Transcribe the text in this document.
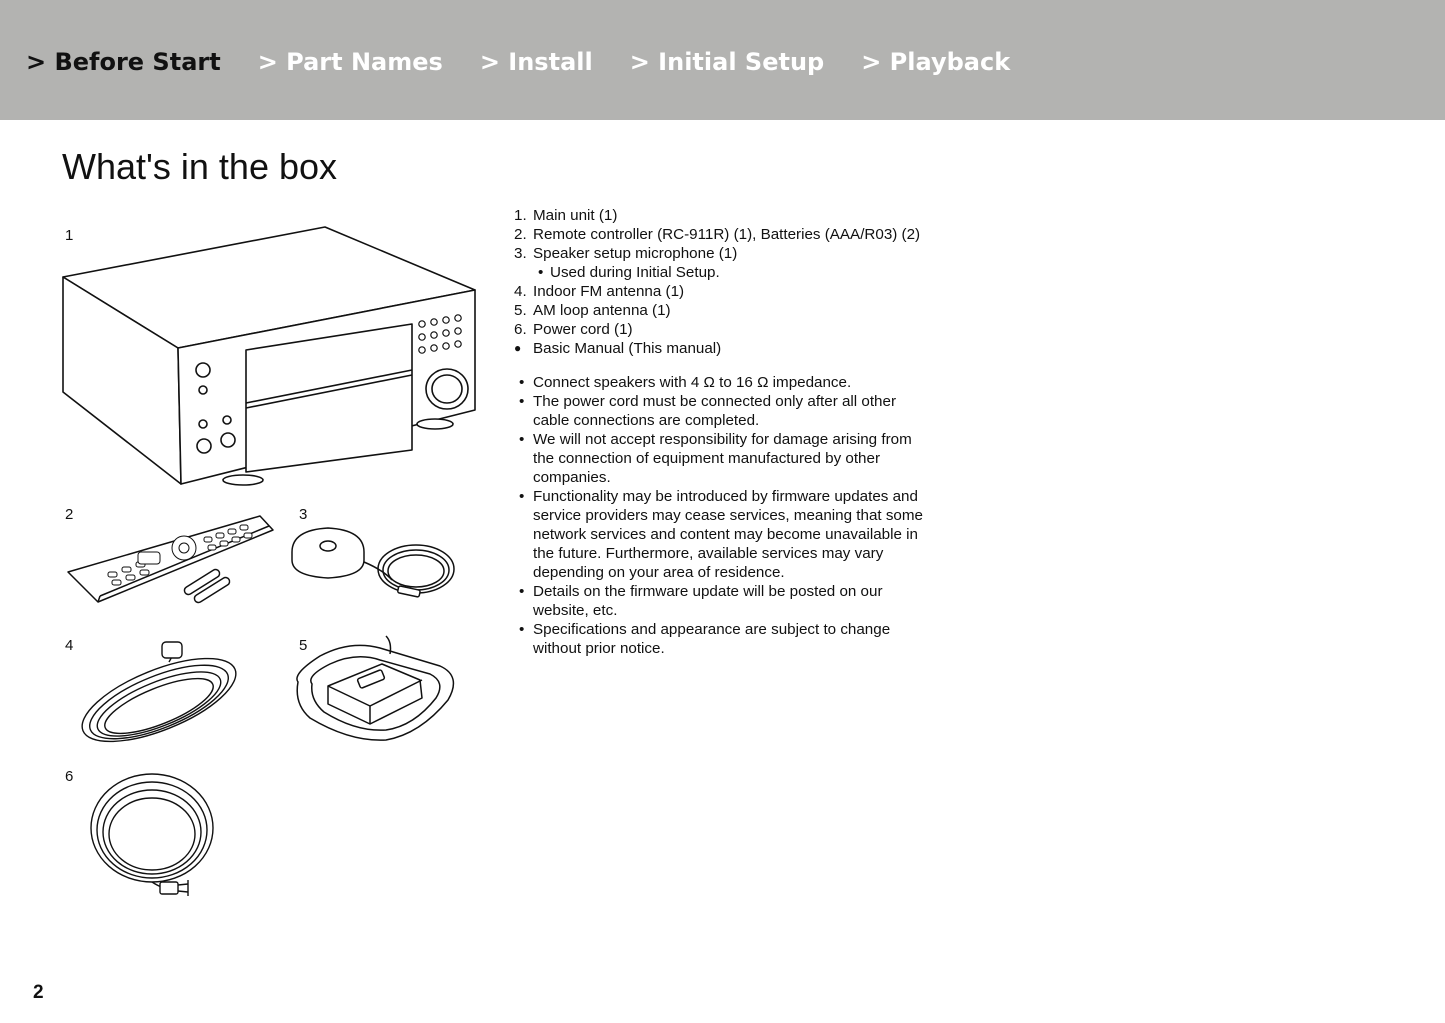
> Before Start > Part Names > Install > Initial Setup > Playback
What's in the box
1
2	3
4	5
6
1. Main unit (1)
2. Remote controller (RC-911R) (1), Batteries (AAA/R03) (2)
3. Speaker setup microphone (1)
• Used during Initial Setup.
4. Indoor FM antenna (1)
5. AM loop antenna (1)
6. Power cord (1)
● Basic Manual (This manual)
• Connect speakers with 4 Ω to 16 Ω impedance.
• The power cord must be connected only after all other cable connections are completed.
• We will not accept responsibility for damage arising from the connection of equipment manufactured by other companies.
• Functionality may be introduced by firmware updates and service providers may cease services, meaning that some network services and content may become unavailable in the future. Furthermore, available services may vary depending on your area of residence.
• Details on the firmware update will be posted on our website, etc.
• Specifications and appearance are subject to change without prior notice.
2
